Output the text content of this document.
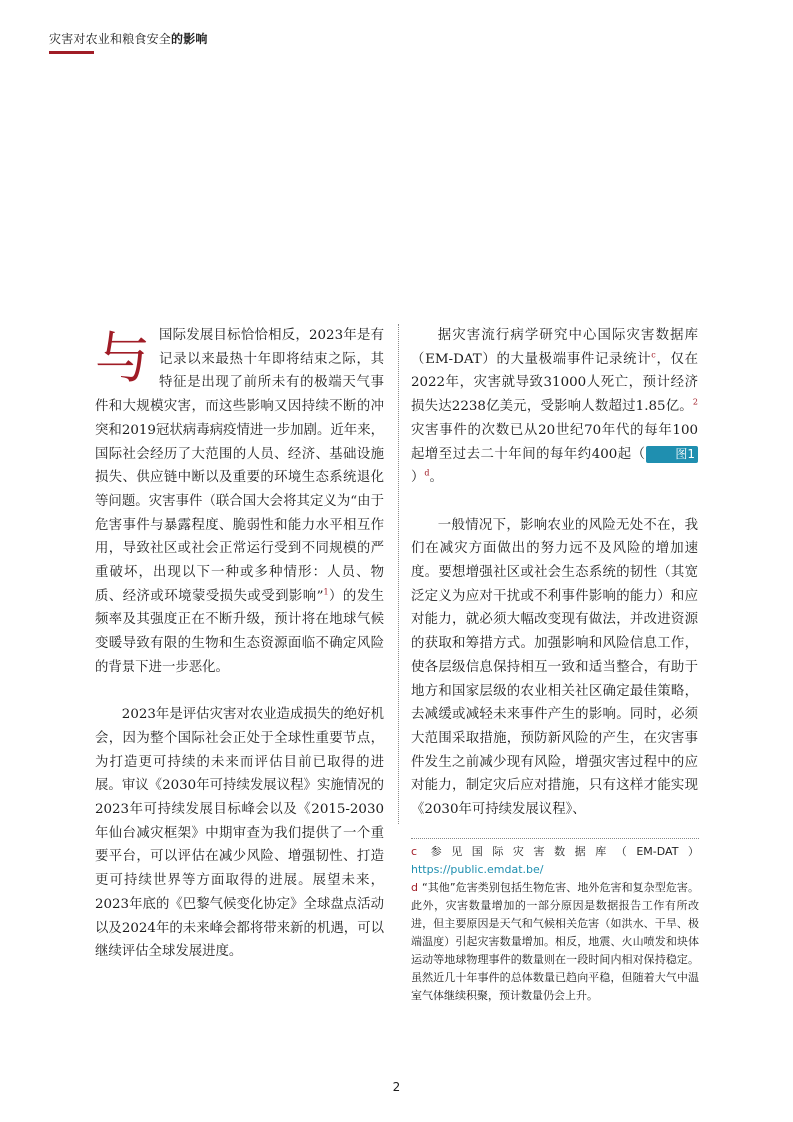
灾害对农业和粮食安全的影响
与 国际发展目标恰恰相反，2023年是有记录以来最热十年即将结束之际，其特征是出现了前所未有的极端天气事件和大规模灾害，而这些影响又因持续不断的冲突和2019冠状病毒病疫情进一步加剧。近年来，国际社会经历了大范围的人员、经济、基础设施损失、供应链中断以及重要的环境生态系统退化等问题。灾害事件（联合国大会将其定义为“由于危害事件与暴露程度、脆弱性和能力水平相互作用，导致社区或社会正常运行受到不同规模的严重破坏，出现以下一种或多种情形：人员、物质、经济或环境蒙受损失或受到影响”$^1$）的发生频率及其强度正在不断升级，预计将在地球气候变暖导致有限的生物和生态资源面临不确定风险的背景下进一步恶化。

2023年是评估灾害对农业造成损失的绝好机会，因为整个国际社会正处于全球性重要节点，为打造更可持续的未来而评估目前已取得的进展。审议《2030年可持续发展议程》实施情况的2023年可持续发展目标峰会以及《2015-2030年仙台减灾框架》中期审查为我们提供了一个重要平台，可以评估在减少风险、增强韧性、打造更可持续世界等方面取得的进展。展望未来，2023年底的《巴黎气候变化协定》全球盘点活动以及2024年的未来峰会都将带来新的机遇，可以继续评估全球发展进度。

据灾害流行病学研究中心国际灾害数据库（EM-DAT）的大量极端事件记录统计$^c$，仅在2022年，灾害就导致31000人死亡，预计经济损失达2238亿美元，受影响人数超过1.85亿。$^2$灾害事件的次数已从20世纪70年代的每年100起增至过去二十年间的每年约400起（ 图1）$^d$。

一般情况下，影响农业的风险无处不在，我们在减灾方面做出的努力远不及风险的增加速度。要想增强社区或社会生态系统的韧性（其宽泛定义为应对干扰或不利事件影响的能力）和应对能力，就必须大幅改变现有做法，并改进资源的获取和筹措方式。加强影响和风险信息工作，使各层级信息保持相互一致和适当整合，有助于地方和国家层级的农业相关社区确定最佳策略，去减缓或减轻未来事件产生的影响。同时，必须大范围采取措施，预防新风险的产生，在灾害事件发生之前减少现有风险，增强灾害过程中的应对能力，制定灾后应对措施，只有这样才能实现《2030年可持续发展议程》、

c 参见国际灾害数据库（EM-DAT）https://public.emdat.be/

d “其他”危害类别包括生物危害、地外危害和复杂型危害。此外，灾害数量增加的一部分原因是数据报告工作有所改进，但主要原因是天气和气候相关危害（如洪水、干旱、极端温度）引起灾害数量增加。相反，地震、火山喷发和块体运动等地球物理事件的数量则在一段时间内相对保持稳定。虽然近几十年事件的总体数量已趋向平稳，但随着大气中温室气体继续积聚，预计数量仍会上升。

2
